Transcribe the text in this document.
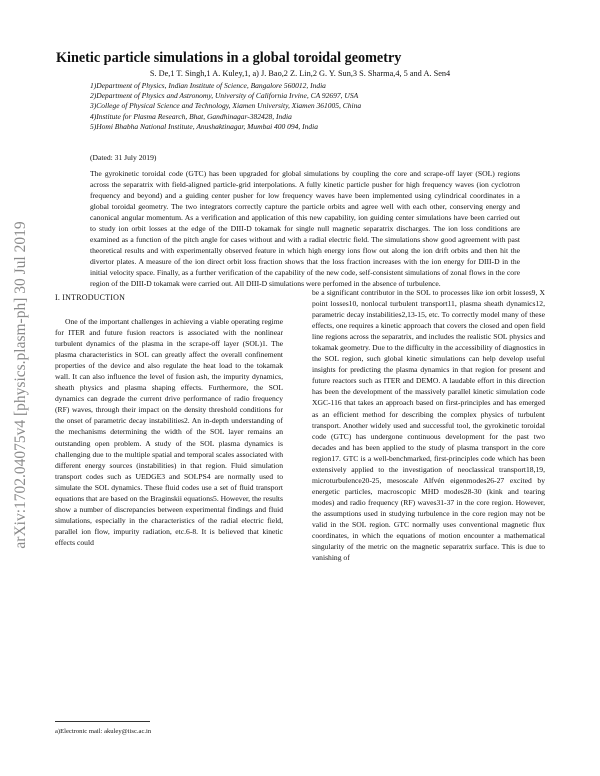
arXiv:1702.04075v4 [physics.plasm-ph] 30 Jul 2019
Kinetic particle simulations in a global toroidal geometry

S. De,1 T. Singh,1 A. Kuley,1, a) J. Bao,2 Z. Lin,2 G. Y. Sun,3 S. Sharma,4, 5 and A. Sen4

1)Department of Physics, Indian Institute of Science, Bangalore 560012, India
2)Department of Physics and Astronomy, University of California Irvine, CA 92697, USA
3)College of Physical Science and Technology, Xiamen University, Xiamen 361005, China
4)Institute for Plasma Research, Bhat, Gandhinagar-382428, India
5)Homi Bhabha National Institute, Anushaktinagar, Mumbai 400 094, India
(Dated: 31 July 2019)

The gyrokinetic toroidal code (GTC) has been upgraded for global simulations by coupling the core and scrape-off layer (SOL) regions across the separatrix with field-aligned particle-grid interpolations. A fully kinetic particle pusher for high frequency waves (ion cyclotron frequency and beyond) and a guiding center pusher for low frequency waves have been implemented using cylindrical coordinates in a global toroidal geometry. The two integrators correctly capture the particle orbits and agree well with each other, conserving energy and canonical angular momentum. As a verification and application of this new capability, ion guiding center simulations have been carried out to study ion orbit losses at the edge of the DIII-D tokamak for single null magnetic separatrix discharges. The ion loss conditions are examined as a function of the pitch angle for cases without and with a radial electric field. The simulations show good agreement with past theoretical results and with experimentally observed feature in which high energy ions flow out along the ion drift orbits and then hit the divertor plates. A measure of the ion direct orbit loss fraction shows that the loss fraction increases with the ion energy for DIII-D in the initial velocity space. Finally, as a further verification of the capability of the new code, self-consistent simulations of zonal flows in the core region of the DIII-D tokamak were carried out. All DIII-D simulations were perfomed in the absence of turbulence.

I. INTRODUCTION

One of the important challenges in achieving a viable operating regime for ITER and future fusion reactors is associated with the nonlinear turbulent dynamics of the plasma in the scrape-off layer (SOL)1. The plasma characteristics in SOL can greatly affect the overall confinement properties of the device and also regulate the heat load to the tokamak wall. It can also influence the level of fusion ash, the impurity dynamics, sheath physics and plasma shaping effects. Furthermore, the SOL dynamics can degrade the current drive performance of radio frequency (RF) waves, through their impact on the density threshold conditions for the onset of parametric decay instabilities2. An in-depth understanding of the mechanisms determining the width of the SOL layer remains an outstanding open problem. A study of the SOL plasma dynamics is challenging due to the multiple spatial and temporal scales associated with different energy sources (instabilities) in that region. Fluid simulation transport codes such as UEDGE3 and SOLPS4 are normally used to simulate the SOL dynamics. These fluid codes use a set of fluid transport equations that are based on the Braginskii equations5. However, the results show a number of discrepancies between experimental findings and fluid simulations, especially in the characteristics of the radial electric field, parallel ion flow, impurity radiation, etc.6-8. It is believed that kinetic effects could

be a significant contributor in the SOL to processes like ion orbit losses9, X point losses10, nonlocal turbulent transport11, plasma sheath dynamics12, parametric decay instabilities2,13-15, etc. To correctly model many of these effects, one requires a kinetic approach that covers the closed and open field line regions across the separatrix, and includes the realistic SOL physics and tokamak geometry. Due to the difficulty in the accessibility of diagnostics in the SOL region, such global kinetic simulations can help develop useful insights for predicting the plasma dynamics in that region for present and future reactors such as ITER and DEMO. A laudable effort in this direction has been the development of the massively parallel kinetic simulation code XGC-116 that takes an approach based on first-principles and has emerged as an efficient method for describing the complex physics of turbulent transport. Another widely used and successful tool, the gyrokinetic toroidal code (GTC) has undergone continuous development for the past two decades and has been applied to the study of plasma transport in the core region17. GTC is a well-benchmarked, first-principles code which has been extensively applied to the investigation of neoclassical transport18,19, microturbulence20-25, mesoscale Alfvén eigenmodes26-27 excited by energetic particles, macroscopic MHD modes28-30 (kink and tearing modes) and radio frequency (RF) waves31-37 in the core region. However, the assumptions used in studying turbulence in the core region may not be valid in the SOL region. GTC normally uses conventional magnetic flux coordinates, in which the equations of motion encounter a mathematical singularity of the metric on the magnetic separatrix surface. This is due to vanishing of

a)Electronic mail: akuley@iisc.ac.in
